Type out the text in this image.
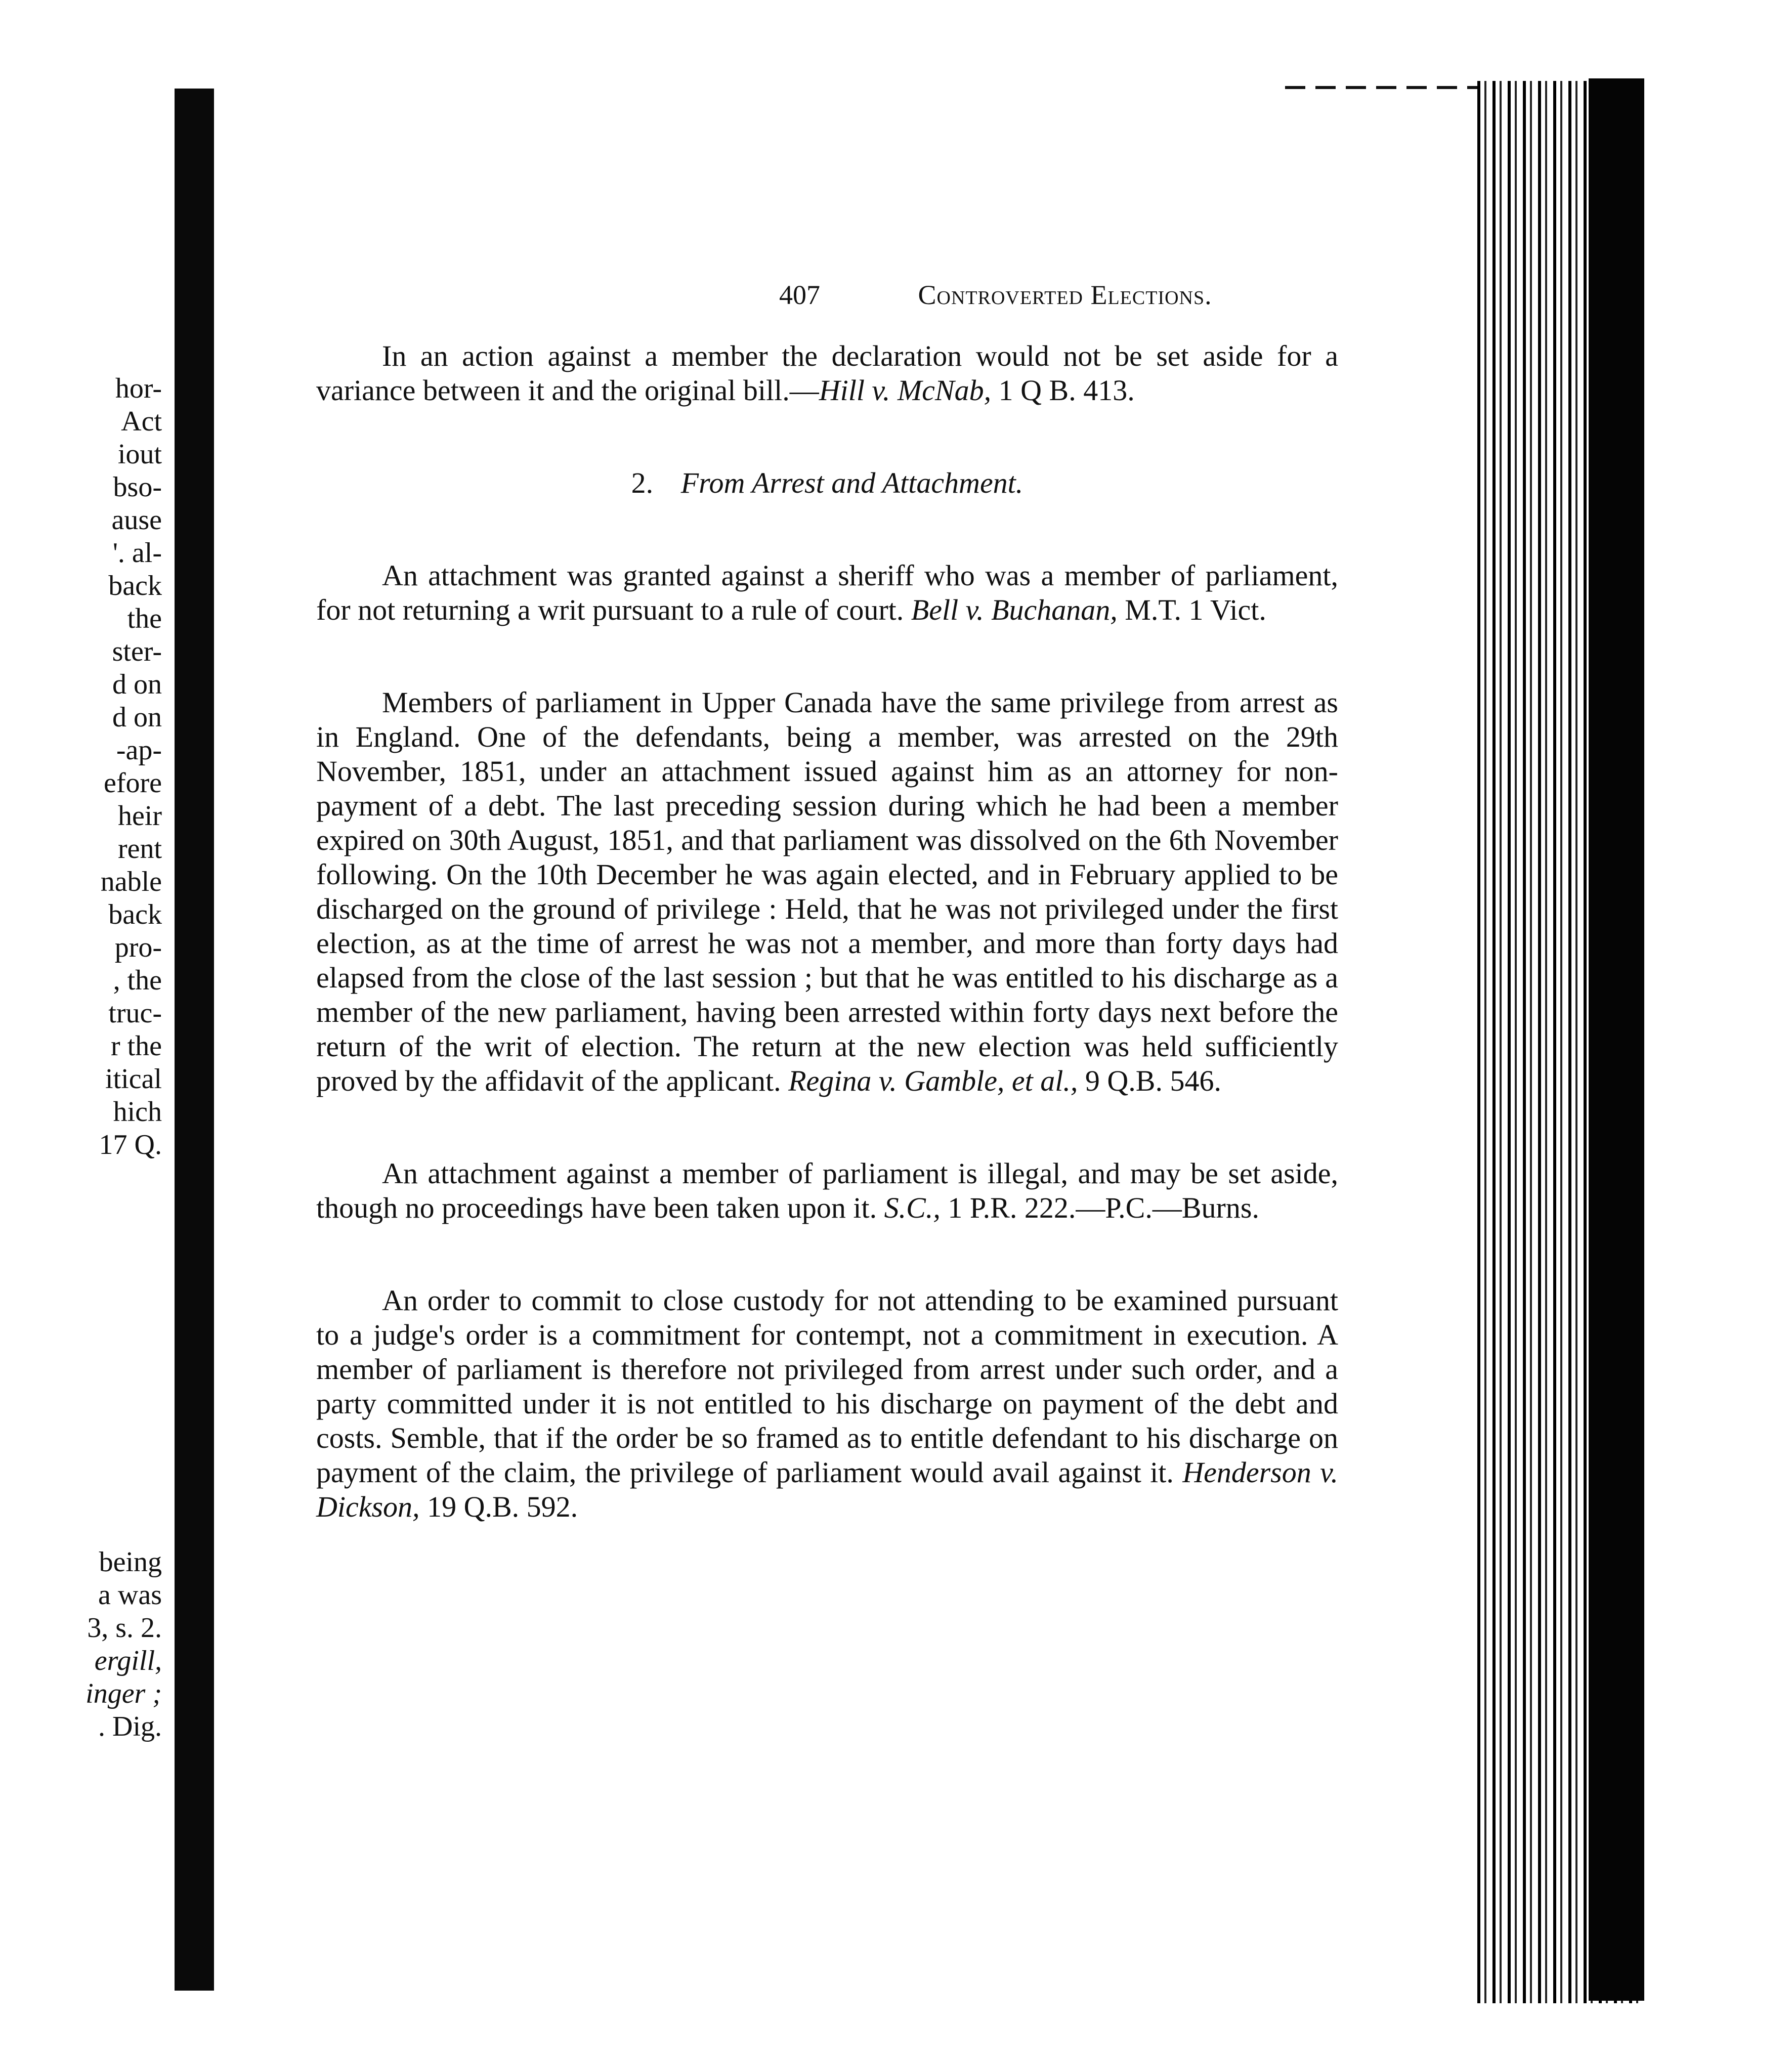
hor-
Act
iout
bso-
ause
'. al-
back
the
ster-
d on
d on
-ap-
efore
heir
rent
nable
back
pro-
, the
truc-
r the
itical
hich
17 Q.
being
a was
3, s. 2.
ergill,
inger ;
. Dig.
407	Controverted Elections.

In an action against a member the declaration would not be set aside for a variance between it and the original bill.—Hill v. McNab, 1 Q B. 413.

2. From Arrest and Attachment.

An attachment was granted against a sheriff who was a member of parliament, for not returning a writ pursuant to a rule of court. Bell v. Buchanan, M.T. 1 Vict.

Members of parliament in Upper Canada have the same privilege from arrest as in England. One of the defendants, being a member, was arrested on the 29th November, 1851, under an attachment issued against him as an attorney for non-payment of a debt. The last preceding session during which he had been a member expired on 30th August, 1851, and that parliament was dissolved on the 6th November following. On the 10th December he was again elected, and in February applied to be discharged on the ground of privilege : Held, that he was not privileged under the first election, as at the time of arrest he was not a member, and more than forty days had elapsed from the close of the last session ; but that he was entitled to his discharge as a member of the new parliament, having been arrested within forty days next before the return of the writ of election. The return at the new election was held sufficiently proved by the affidavit of the applicant. Regina v. Gamble, et al., 9 Q.B. 546.

An attachment against a member of parliament is illegal, and may be set aside, though no proceedings have been taken upon it. S.C., 1 P.R. 222.—P.C.—Burns.

An order to commit to close custody for not attending to be examined pursuant to a judge's order is a commitment for contempt, not a commitment in execution. A member of parliament is therefore not privileged from arrest under such order, and a party committed under it is not entitled to his discharge on payment of the debt and costs. Semble, that if the order be so framed as to entitle defendant to his discharge on payment of the claim, the privilege of parliament would avail against it. Henderson v. Dickson, 19 Q.B. 592.
